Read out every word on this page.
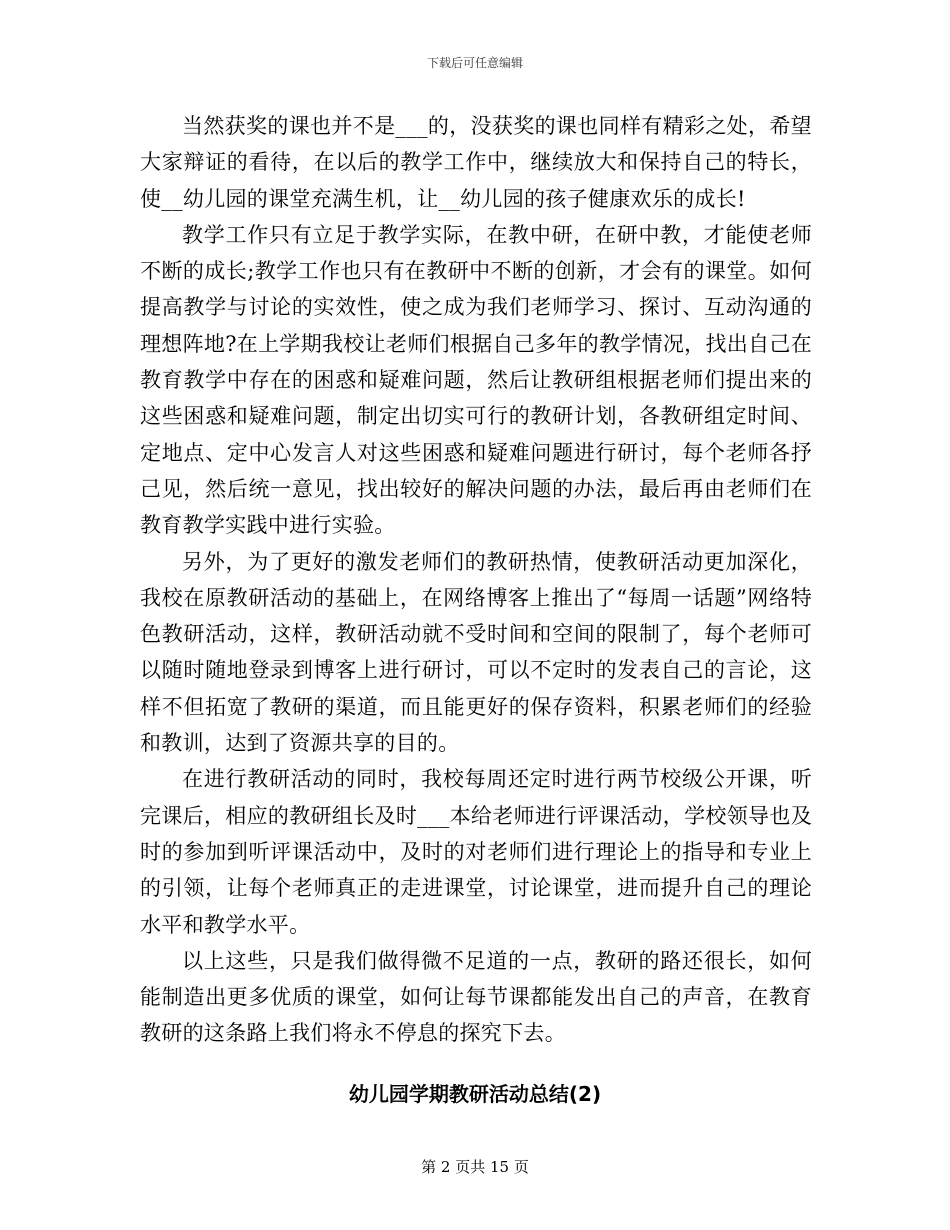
下载后可任意编辑

当然获奖的课也并不是___的，没获奖的课也同样有精彩之处，希望大家辩证的看待，在以后的教学工作中，继续放大和保持自己的特长，使__幼儿园的课堂充满生机，让__幼儿园的孩子健康欢乐的成长!

教学工作只有立足于教学实际，在教中研，在研中教，才能使老师不断的成长;教学工作也只有在教研中不断的创新，才会有的课堂。如何提高教学与讨论的实效性，使之成为我们老师学习、探讨、互动沟通的理想阵地?在上学期我校让老师们根据自己多年的教学情况，找出自己在教育教学中存在的困惑和疑难问题，然后让教研组根据老师们提出来的这些困惑和疑难问题，制定出切实可行的教研计划，各教研组定时间、定地点、定中心发言人对这些困惑和疑难问题进行研讨，每个老师各抒己见，然后统一意见，找出较好的解决问题的办法，最后再由老师们在教育教学实践中进行实验。

另外，为了更好的激发老师们的教研热情，使教研活动更加深化，我校在原教研活动的基础上，在网络博客上推出了“每周一话题”网络特色教研活动，这样，教研活动就不受时间和空间的限制了，每个老师可以随时随地登录到博客上进行研讨，可以不定时的发表自己的言论，这样不但拓宽了教研的渠道，而且能更好的保存资料，积累老师们的经验和教训，达到了资源共享的目的。

在进行教研活动的同时，我校每周还定时进行两节校级公开课，听完课后，相应的教研组长及时___本给老师进行评课活动，学校领导也及时的参加到听评课活动中，及时的对老师们进行理论上的指导和专业上的引领，让每个老师真正的走进课堂，讨论课堂，进而提升自己的理论水平和教学水平。

以上这些，只是我们做得微不足道的一点，教研的路还很长，如何能制造出更多优质的课堂，如何让每节课都能发出自己的声音，在教育教研的这条路上我们将永不停息的探究下去。

幼儿园学期教研活动总结(2)
第 2 页共 15 页
